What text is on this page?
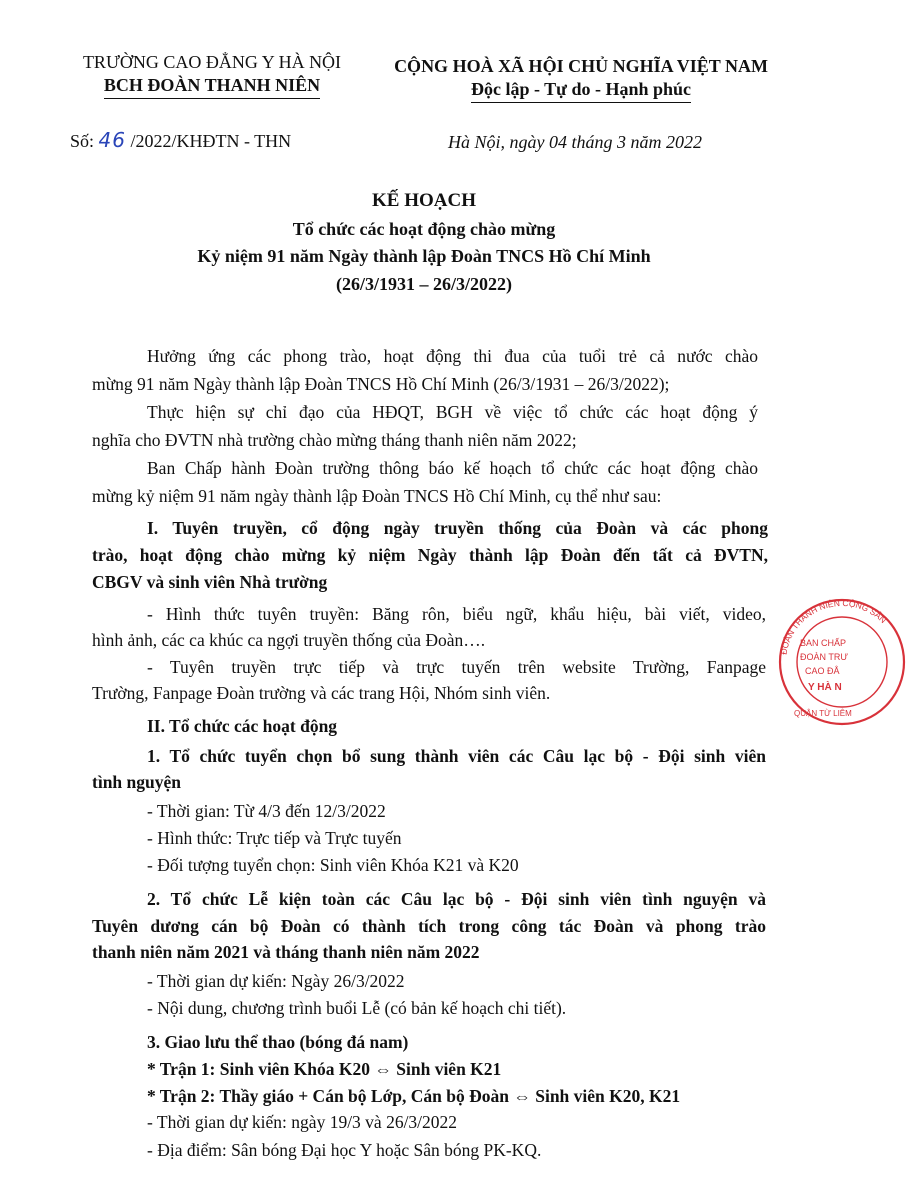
TRƯỜNG CAO ĐẲNG Y HÀ NỘI
BCH ĐOÀN THANH NIÊN
CỘNG HOÀ XÃ HỘI CHỦ NGHĨA VIỆT NAM
Độc lập - Tự do - Hạnh phúc
Số: 46 /2022/KHĐTN - THN	Hà Nội, ngày 04 tháng 3 năm 2022
KẾ HOẠCH
Tổ chức các hoạt động chào mừng
Kỷ niệm 91 năm Ngày thành lập Đoàn TNCS Hồ Chí Minh
(26/3/1931 – 26/3/2022)
Hưởng ứng các phong trào, hoạt động thi đua của tuổi trẻ cả nước chào
mừng 91 năm Ngày thành lập Đoàn TNCS Hồ Chí Minh (26/3/1931 – 26/3/2022);
Thực hiện sự chỉ đạo của HĐQT, BGH về việc tổ chức các hoạt động ý
nghĩa cho ĐVTN nhà trường chào mừng tháng thanh niên năm 2022;
Ban Chấp hành Đoàn trường thông báo kế hoạch tổ chức các hoạt động chào
mừng kỷ niệm 91 năm ngày thành lập Đoàn TNCS Hồ Chí Minh, cụ thể như sau:
I. Tuyên truyền, cổ động ngày truyền thống của Đoàn và các phong
trào, hoạt động chào mừng kỷ niệm Ngày thành lập Đoàn đến tất cả ĐVTN,
CBGV và sinh viên Nhà trường
- Hình thức tuyên truyền: Băng rôn, biểu ngữ, khẩu hiệu, bài viết, video,
hình ảnh, các ca khúc ca ngợi truyền thống của Đoàn….
- Tuyên truyền trực tiếp và trực tuyến trên website Trường, Fanpage
Trường, Fanpage Đoàn trường và các trang Hội, Nhóm sinh viên.
II. Tổ chức các hoạt động
1. Tổ chức tuyển chọn bổ sung thành viên các Câu lạc bộ - Đội sinh viên
tình nguyện
- Thời gian: Từ 4/3 đến 12/3/2022
- Hình thức: Trực tiếp và Trực tuyến
- Đối tượng tuyển chọn: Sinh viên Khóa K21 và K20
2. Tổ chức Lễ kiện toàn các Câu lạc bộ - Đội sinh viên tình nguyện và
Tuyên dương cán bộ Đoàn có thành tích trong công tác Đoàn và phong trào
thanh niên năm 2021 và tháng thanh niên năm 2022
- Thời gian dự kiến: Ngày 26/3/2022
- Nội dung, chương trình buổi Lễ (có bản kế hoạch chi tiết).
3. Giao lưu thể thao (bóng đá nam)
* Trận 1: Sinh viên Khóa K20 ⇔ Sinh viên K21
* Trận 2: Thầy giáo + Cán bộ Lớp, Cán bộ Đoàn ⇔ Sinh viên K20, K21
- Thời gian dự kiến: ngày 19/3 và 26/3/2022
- Địa điểm: Sân bóng Đại học Y hoặc Sân bóng PK-KQ.
ĐOÀN THANH NIÊN CỘNG SẢN
BAN CHẤP
ĐOÀN TRƯ
CAO ĐẲ
Y HÀ N
QUẬN TỪ LIÊM
